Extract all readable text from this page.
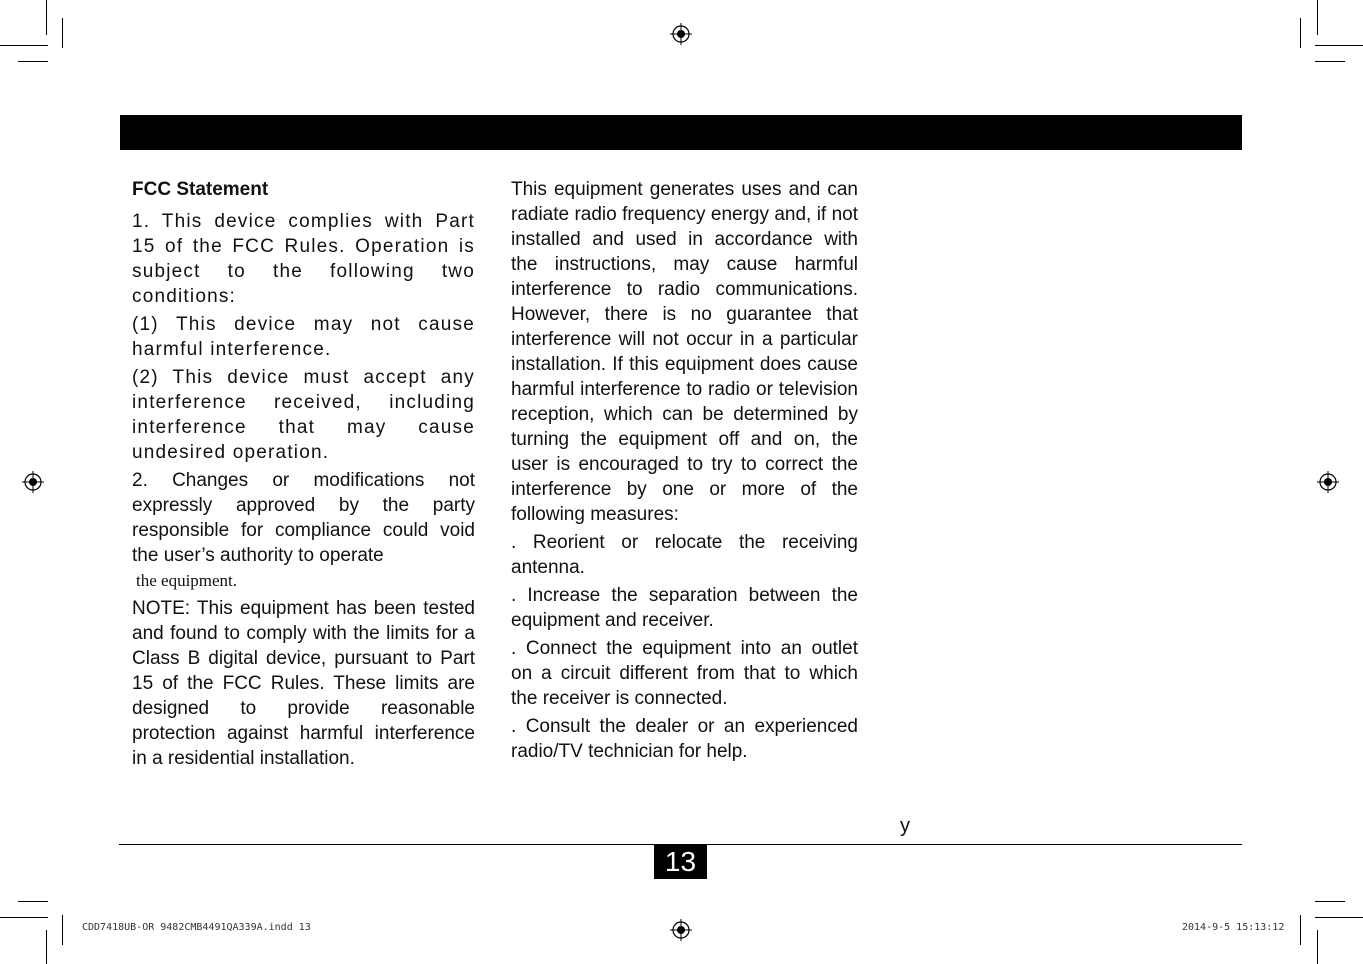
FCC Statement

1. This device complies with Part 15 of the FCC Rules. Operation is subject to the following two conditions:

(1) This device may not cause harmful interference.

(2) This device must accept any interference received, including interference that may cause undesired operation.

2. Changes or modifications not expressly approved by the party responsible for compliance could void the user’s authority to operate

the equipment.

NOTE: This equipment has been tested and found to comply with the limits for a Class B digital device, pursuant to Part 15 of the FCC Rules. These limits are designed to provide reasonable protection against harmful interference in a residential installation.

This equipment generates uses and can radiate radio frequency energy and, if not installed and used in accordance with the instructions, may cause harmful interference to radio communications. However, there is no guarantee that interference will not occur in a particular installation. If this equipment does cause harmful interference to radio or television reception, which can be determined by turning the equipment off and on, the user is encouraged to try to correct the interference by one or more of the following measures:

. Reorient or relocate the receiving antenna.

. Increase the separation between the equipment and receiver.

. Connect the equipment into an outlet on a circuit different from that to which the receiver is connected.

. Consult the dealer or an experienced radio/TV technician for help.

y
13
CDD7418UB-OR 9482CMB4491QA339A.indd 13	2014-9-5 15:13:12
